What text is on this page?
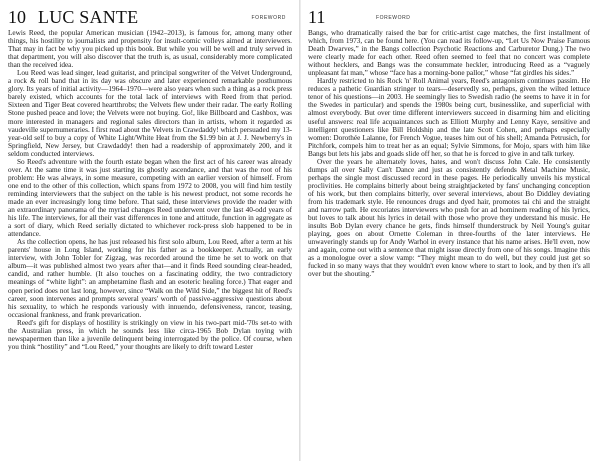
10 LUC SANTE	FOREWORD

Lewis Reed, the popular American musician (1942–2013), is famous for, among many other things, his hostility to journalists and propensity for insult-comic volleys aimed at interviewers. That may in fact be why you picked up this book. But while you will be well and truly served in that department, you will also discover that the truth is, as usual, considerably more complicated than the received idea.

Lou Reed was lead singer, lead guitarist, and principal songwriter of the Velvet Underground, a rock & roll band that in its day was obscure and later experienced remarkable posthumous glory. Its years of initial activity—1964–1970—were also years when such a thing as a rock press barely existed, which accounts for the total lack of interviews with Reed from that period. Sixteen and Tiger Beat covered heartthrobs; the Velvets flew under their radar. The early Rolling Stone pushed peace and love; the Velvets were not buying. Go!, like Billboard and Cashbox, was more interested in managers and regional sales directors than in artists, whom it regarded as vaudeville supernumeraries. I first read about the Velvets in Crawdaddy! which persuaded my 13-year-old self to buy a copy of White Light/White Heat from the $1.99 bin at J. J. Newberry's in Springfield, New Jersey, but Crawdaddy! then had a readership of approximately 200, and it seldom conducted interviews.

So Reed's adventure with the fourth estate began when the first act of his career was already over. At the same time it was just starting its ghostly ascendance, and that was the root of his problem: He was always, in some measure, competing with an earlier version of himself. From one end to the other of this collection, which spans from 1972 to 2008, you will find him testily reminding interviewers that the subject on the table is his newest product, not some records he made an ever increasingly long time before. That said, these interviews provide the reader with an extraordinary panorama of the myriad changes Reed underwent over the last 40-odd years of his life. The interviews, for all their vast differences in tone and attitude, function in aggregate as a sort of diary, which Reed serially dictated to whichever rock-press slob happened to be in attendance.

As the collection opens, he has just released his first solo album, Lou Reed, after a term at his parents' house in Long Island, working for his father as a bookkeeper. Actually, an early interview, with John Tobler for Zigzag, was recorded around the time he set to work on that album—it was published almost two years after that—and it finds Reed sounding clear-headed, candid, and rather humble. (It also touches on a fascinating oddity, the two contradictory meanings of “white light”: an amphetamine flash and an esoteric healing force.) That eager and open period does not last long, however, since “Walk on the Wild Side,” the biggest hit of Reed's career, soon intervenes and prompts several years' worth of passive-aggressive questions about his sexuality, to which he responds variously with innuendo, defensiveness, rancor, teasing, occasional frankness, and frank prevarication.

Reed's gift for displays of hostility is strikingly on view in his two-part mid-'70s set-to with the Australian press, in which he sounds less like circa-1965 Bob Dylan toying with newspapermen than like a juvenile delinquent being interrogated by the police. Of course, when you think “hostility” and “Lou Reed,” your thoughts are likely to drift toward Lester

11	FOREWORD

Bangs, who dramatically raised the bar for critic-artist cage matches, the first installment of which, from 1973, can be found here. (You can read its follow-up, “Let Us Now Praise Famous Death Dwarves,” in the Bangs collection Psychotic Reactions and Carburetor Dung.) The two were clearly made for each other. Reed often seemed to feel that no concert was complete without hecklers, and Bangs was the consummate heckler, introducing Reed as a “vaguely unpleasant fat man,” whose “face has a morning-bone pallor,” whose “fat girdles his sides.”

Hardly restricted to his Rock 'n' Roll Animal years, Reed's antagonism continues passim. He reduces a pathetic Guardian stringer to tears—deservedly so, perhaps, given the wilted lettuce tenor of his questions—in 2003. He seemingly lies to Swedish radio (he seems to have it in for the Swedes in particular) and spends the 1980s being curt, businesslike, and superficial with almost everybody. But over time different interviewers succeed in disarming him and eliciting useful answers: real life acquaintances such as Elliott Murphy and Lenny Kaye, sensitive and intelligent questioners like Bill Holdship and the late Scott Cohen, and perhaps especially women: Dorothée Lalanne, for French Vogue, teases him out of his shell; Amanda Petrusich, for Pitchfork, compels him to treat her as an equal; Sylvie Simmons, for Mojo, spars with him like Bangs but lets his jabs and goads slide off her, so that he is forced to give in and talk turkey.

Over the years he alternately loves, hates, and won't discuss John Cale. He consistently dumps all over Sally Can't Dance and just as consistently defends Metal Machine Music, perhaps the single most discussed record in these pages. He periodically unveils his mystical proclivities. He complains bitterly about being straightjacketed by fans' unchanging conception of his work, but then complains bitterly, over several interviews, about Bo Diddley deviating from his trademark style. He renounces drugs and dyed hair, promotes tai chi and the straight and narrow path. He excoriates interviewers who push for an ad hominem reading of his lyrics, but loves to talk about his lyrics in detail with those who prove they understand his music. He insults Bob Dylan every chance he gets, finds himself thunderstruck by Neil Young's guitar playing, goes on about Ornette Coleman in three-fourths of the later interviews. He unwaveringly stands up for Andy Warhol in every instance that his name arises. He'll even, now and again, come out with a sentence that might issue directly from one of his songs. Imagine this as a monologue over a slow vamp: “They might mean to do well, but they could just get so fucked in so many ways that they wouldn't even know where to start to look, and by then it's all over but the shouting.”
